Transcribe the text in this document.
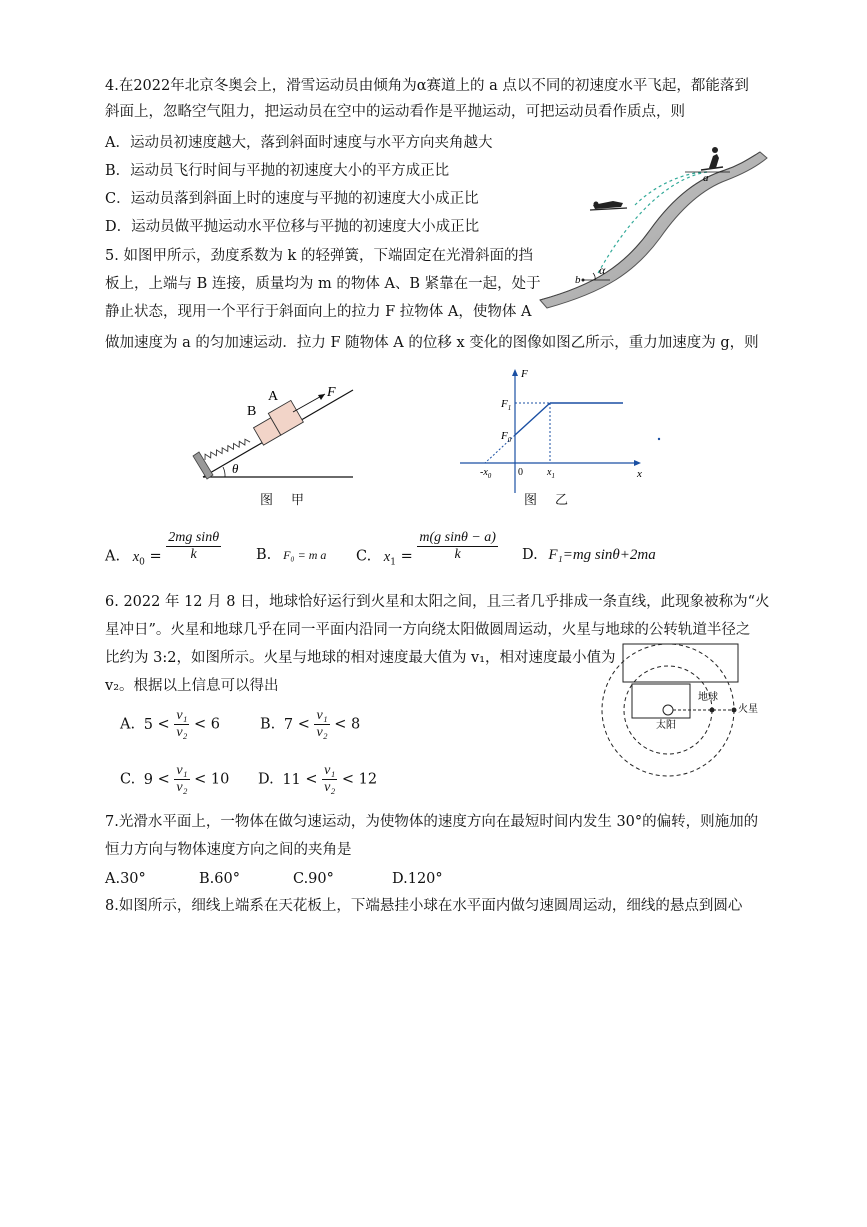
4.在2022年北京冬奥会上，滑雪运动员由倾角为α赛道上的 a 点以不同的初速度水平飞起，都能落到
斜面上，忽略空气阻力，把运动员在空中的运动看作是平抛运动，可把运动员看作质点，则
A．运动员初速度越大，落到斜面时速度与水平方向夹角越大
B．运动员飞行时间与平抛的初速度大小的平方成正比
C．运动员落到斜面上时的速度与平抛的初速度大小成正比
D．运动员做平抛运动水平位移与平抛的初速度大小成正比
a
b
α
5. 如图甲所示，劲度系数为 k 的轻弹簧，下端固定在光滑斜面的挡
板上，上端与 B 连接，质量均为 m 的物体 A、B 紧靠在一起，处于
静止状态，现用一个平行于斜面向上的拉力 F 拉物体 A，使物体 A
做加速度为 a 的匀加速运动．拉力 F 随物体 A 的位移 x 变化的图像如图乙所示，重力加速度为 g，则
B
A	F
θ
图甲
F
$F_1$
$F_0$
x
$-x_0$	0 $x_1$
图乙
A. $x_0 = \frac{\text{2mg sinθ}}{k} B$. F₀ = m a C. $x_1 = \frac{\text{m(g sinθ − a)}}{k} D$. F₁=mg sinθ+2ma
6. 2022 年 12 月 8 日，地球恰好运行到火星和太阳之间，且三者几乎排成一条直线，此现象被称为“火
星冲日”。火星和地球几乎在同一平面内沿同一方向绕太阳做圆周运动，火星与地球的公转轨道半径之
比约为 3:2，如图所示。火星与地球的相对速度最大值为 v₁，相对速度最小值为
v₂。根据以上信息可以得出
A. $5 < \frac{\text{v₁}}{\text{v₂}} < 6$	B. $7 < \frac{\text{v₁}}{\text{v₂}} < 8$
C. $9 < \frac{\text{v₁}}{\text{v₂}} < 10$ D. $11 < \frac{\text{v₁}}{\text{v₂}} < 12$
地球
火星
太阳
7.光滑水平面上，一物体在做匀速运动，为使物体的速度方向在最短时间内发生 30°的偏转，则施加的
恒力方向与物体速度方向之间的夹角是
A.30°	B.60°	C.90°	D.120°
8.如图所示，细线上端系在天花板上，下端悬挂小球在水平面内做匀速圆周运动，细线的悬点到圆心
